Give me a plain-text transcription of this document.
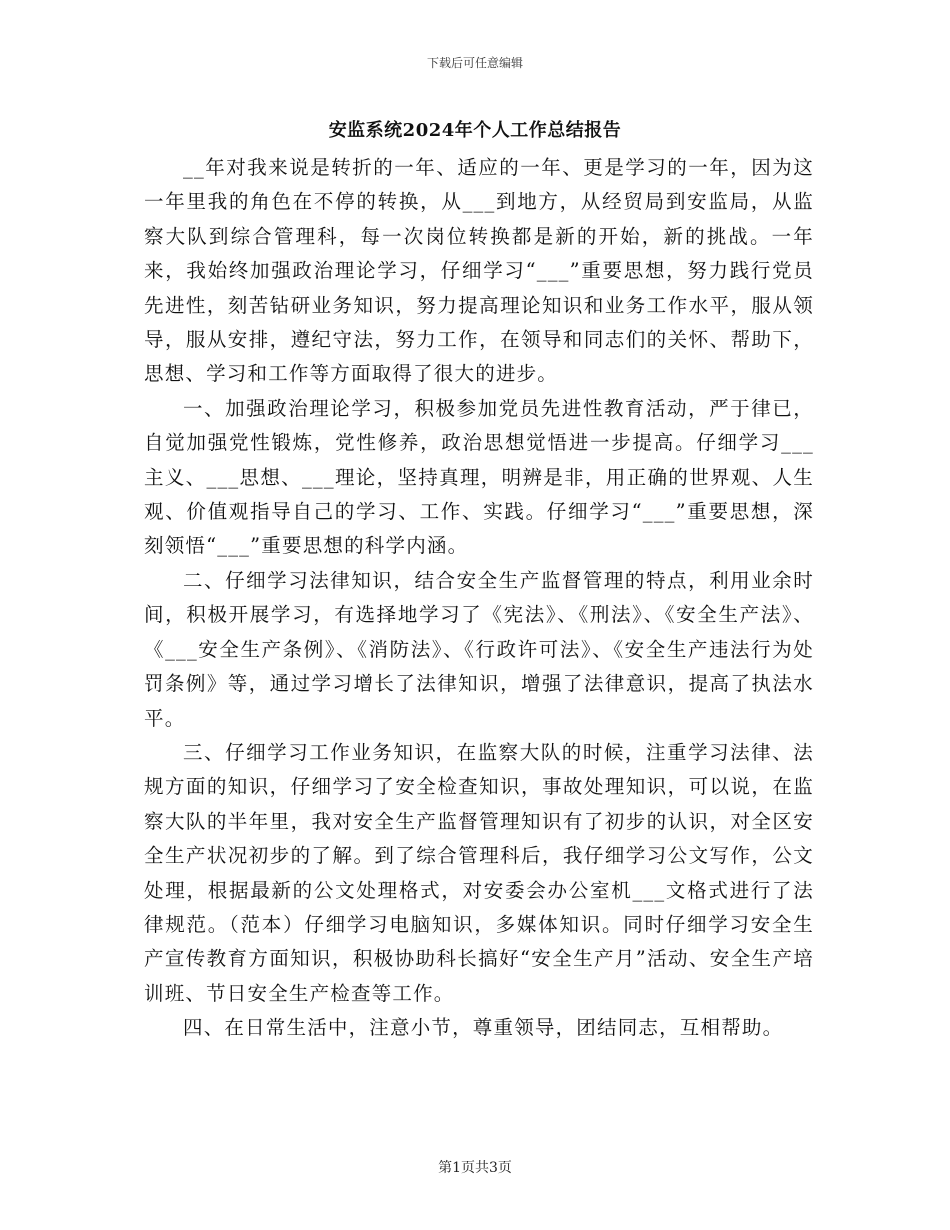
下载后可任意编辑
安监系统2024年个人工作总结报告

__年对我来说是转折的一年、适应的一年、更是学习的一年，因为这一年里我的角色在不停的转换，从___到地方，从经贸局到安监局，从监察大队到综合管理科，每一次岗位转换都是新的开始，新的挑战。一年来，我始终加强政治理论学习，仔细学习“___”重要思想，努力践行党员先进性，刻苦钻研业务知识，努力提高理论知识和业务工作水平，服从领导，服从安排，遵纪守法，努力工作，在领导和同志们的关怀、帮助下，思想、学习和工作等方面取得了很大的进步。

一、加强政治理论学习，积极参加党员先进性教育活动，严于律已，自觉加强党性锻炼，党性修养，政治思想觉悟进一步提高。仔细学习___主义、___思想、___理论，坚持真理，明辨是非，用正确的世界观、人生观、价值观指导自己的学习、工作、实践。仔细学习“___”重要思想，深刻领悟“___”重要思想的科学内涵。

二、仔细学习法律知识，结合安全生产监督管理的特点，利用业余时间，积极开展学习，有选择地学习了《宪法》、《刑法》、《安全生产法》、《___安全生产条例》、《消防法》、《行政许可法》、《安全生产违法行为处罚条例》等，通过学习增长了法律知识，增强了法律意识，提高了执法水平。

三、仔细学习工作业务知识，在监察大队的时候，注重学习法律、法规方面的知识，仔细学习了安全检查知识，事故处理知识，可以说，在监察大队的半年里，我对安全生产监督管理知识有了初步的认识，对全区安全生产状况初步的了解。到了综合管理科后，我仔细学习公文写作，公文处理，根据最新的公文处理格式，对安委会办公室机___文格式进行了法律规范。（范本）仔细学习电脑知识，多媒体知识。同时仔细学习安全生产宣传教育方面知识，积极协助科长搞好“安全生产月”活动、安全生产培训班、节日安全生产检查等工作。

四、在日常生活中，注意小节，尊重领导，团结同志，互相帮助。

第1页共3页
